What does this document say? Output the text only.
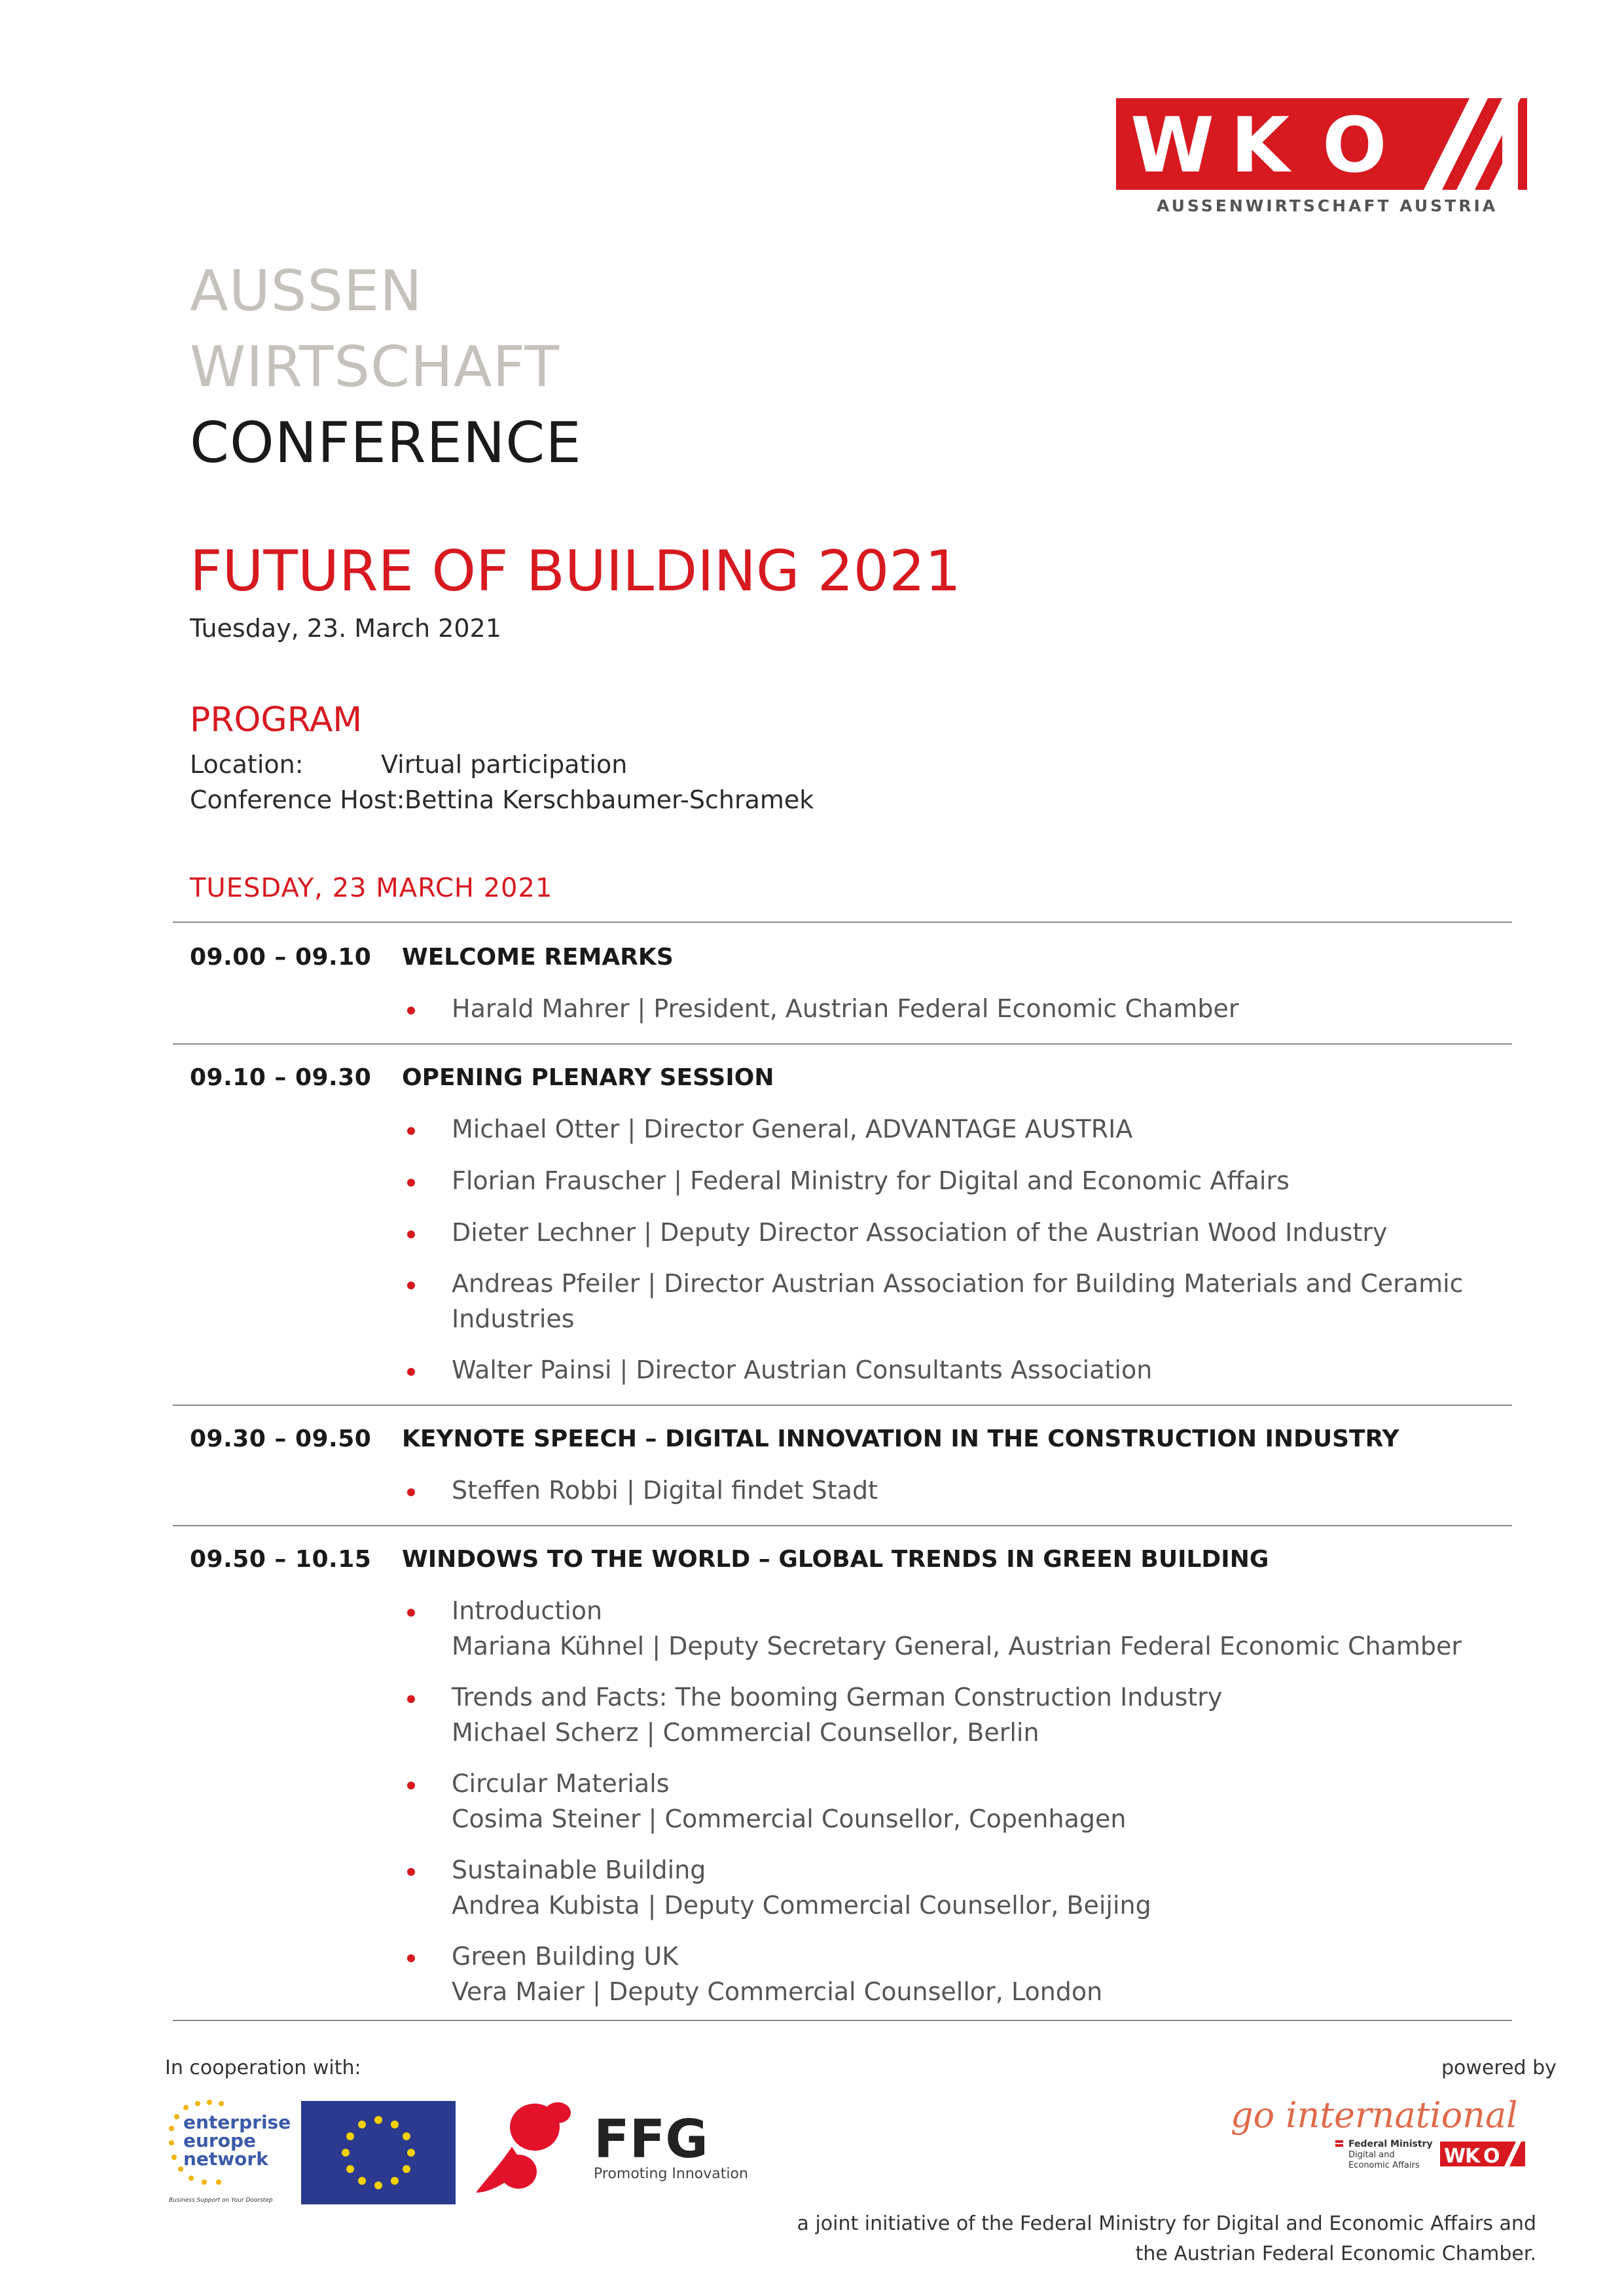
W K O
AUSSENWIRTSCHAFT AUSTRIA
AUSSEN
WIRTSCHAFT
CONFERENCE
FUTURE OF BUILDING 2021
Tuesday, 23. March 2021
PROGRAM
Location:	Virtual participation
Conference Host: Bettina Kerschbaumer-Schramek
TUESDAY, 23 MARCH 2021
09.00 – 09.10 WELCOME REMARKS
Harald Mahrer | President, Austrian Federal Economic Chamber
09.10 – 09.30 OPENING PLENARY SESSION
Michael Otter | Director General, ADVANTAGE AUSTRIA
Florian Frauscher | Federal Ministry for Digital and Economic Affairs
Dieter Lechner | Deputy Director Association of the Austrian Wood Industry
Andreas Pfeiler | Director Austrian Association for Building Materials and Ceramic
Industries
Walter Painsi | Director Austrian Consultants Association
09.30 – 09.50 KEYNOTE SPEECH – DIGITAL INNOVATION IN THE CONSTRUCTION INDUSTRY
Steffen Robbi | Digital findet Stadt
09.50 – 10.15 WINDOWS TO THE WORLD – GLOBAL TRENDS IN GREEN BUILDING
Introduction
Mariana Kühnel | Deputy Secretary General, Austrian Federal Economic Chamber
Trends and Facts: The booming German Construction Industry
Michael Scherz | Commercial Counsellor, Berlin
Circular Materials
Cosima Steiner | Commercial Counsellor, Copenhagen
Sustainable Building
Andrea Kubista | Deputy Commercial Counsellor, Beijing
Green Building UK
Vera Maier | Deputy Commercial Counsellor, London
In cooperation with:	powered by
enterprise
europe
network
Business Support on Your Doorstep
FFG
Promoting Innovation.
go international
Federal Ministry
Digital and
Economic Affairs W
K O
a joint initiative of the Federal Ministry for Digital and Economic Affairs and
the Austrian Federal Economic Chamber.
